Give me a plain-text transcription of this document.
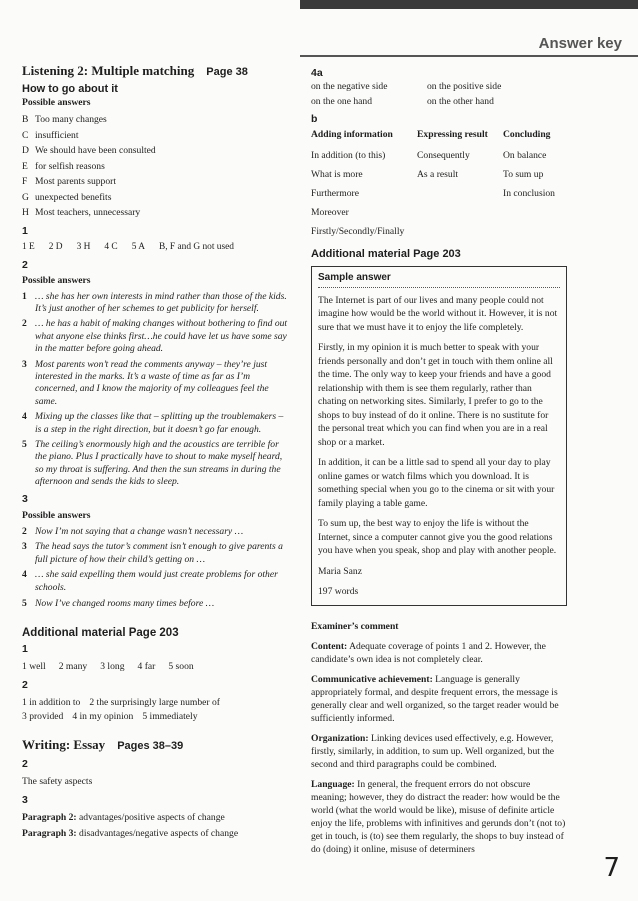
Answer key
Listening 2: Multiple matching Page 38
How to go about it
Possible answers
B Too many changes
C insufficient
D We should have been consulted
E for selfish reasons
F Most parents support
G unexpected benefits
H Most teachers, unnecessary
1
1 E 2 D 3 H 4 C 5 A B, F and G not used
2
Possible answers
1 … she has her own interests in mind rather than those of the kids. It’s just another of her schemes to get publicity for herself.
2 … he has a habit of making changes without bothering to find out what anyone else thinks first…he could have let us have some say in the matter before going ahead.
3 Most parents won’t read the comments anyway – they’re just interested in the marks. It’s a waste of time as far as I’m concerned, and I know the majority of my colleagues feel the same.
4 Mixing up the classes like that – splitting up the troublemakers – is a step in the right direction, but it doesn’t go far enough.
5 The ceiling’s enormously high and the acoustics are terrible for the piano. Plus I practically have to shout to make myself heard, so my throat is suffering. And then the sun streams in during the afternoon and sends the kids to sleep.
3
Possible answers
2 Now I’m not saying that a change wasn’t necessary …
3 The head says the tutor’s comment isn’t enough to give parents a full picture of how their child’s getting on …
4 … she said expelling them would just create problems for other schools.
5 Now I’ve changed rooms many times before …
Additional material Page 203
1
1 well 2 many 3 long 4 far 5 soon
2
1 in addition to 2 the surprisingly large number of
3 provided 4 in my opinion 5 immediately
Writing: Essay Pages 38–39
2
The safety aspects
3
Paragraph 2: advantages/positive aspects of change
Paragraph 3: disadvantages/negative aspects of change
4a
on the negative side	on the positive side
on the one hand	on the other hand
b
Adding information
In addition (to this)
What is more
Furthermore
Moreover
Firstly/Secondly/Finally
Expressing result
Consequently
As a result
Concluding
On balance
To sum up
In conclusion
Additional material Page 203
Sample answer

The Internet is part of our lives and many people could not imagine how would be the world without it. However, it is not sure that we must have it to enjoy the life completely.

Firstly, in my opinion it is much better to speak with your friends personally and don’t get in touch with them online all the time. The only way to keep your friends and have a good relationship with them is see them regularly, rather than chating on networking sites. Similarly, I prefer to go to the shops to buy instead of do it online. There is no sustitute for the personal treat which you can find when you are in a real shop or a market.

In addition, it can be a little sad to spend all your day to play online games or watch films which you download. It is something special when you go to the cinema or sit with your family playing a table game.

To sum up, the best way to enjoy the life is without the Internet, since a computer cannot give you the good relations you have when you speak, shop and play with another people.

Maria Sanz

197 words

Examiner’s comment
Content: Adequate coverage of points 1 and 2. However, the candidate’s own idea is not completely clear.
Communicative achievement: Language is generally appropriately formal, and despite frequent errors, the message is generally clear and well organized, so the target reader would be sufficiently informed.
Organization: Linking devices used effectively, e.g. However, firstly, similarly, in addition, to sum up. Well organized, but the second and third paragraphs could be combined.
Language: In general, the frequent errors do not obscure meaning; however, they do distract the reader: how would be the world (what the world would be like), misuse of definite article enjoy the life, problems with infinitives and gerunds don’t (not to) get in touch, is (to) see them regularly, the shops to buy instead of do (doing) it online, misuse of determiners
7
